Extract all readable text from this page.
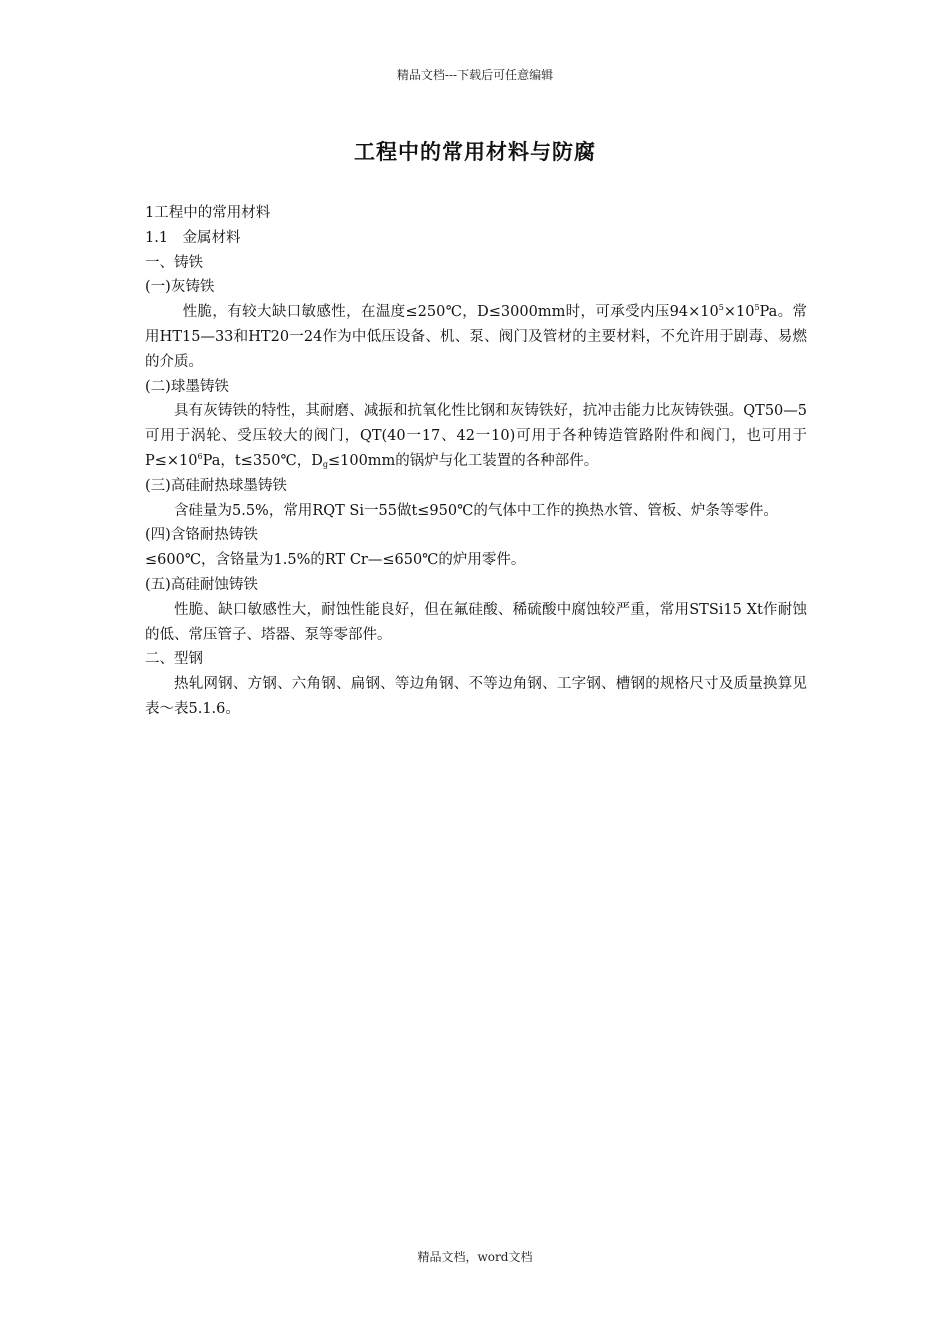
精品文档---下载后可任意编辑
工程中的常用材料与防腐

1工程中的常用材料

1.1　金属材料

一、铸铁

(一)灰铸铁

性脆，有较大缺口敏感性，在温度≤250℃，D≤3000mm时，可承受内压$94\times 10^5\times 10^5Pa$。常用HT15—33和HT20一24作为中低压设备、机、泵、阀门及管材的主要材料，不允许用于剧毒、易燃的介质。

(二)球墨铸铁

具有灰铸铁的特性，其耐磨、减振和抗氧化性比钢和灰铸铁好，抗冲击能力比灰铸铁强。QT50—5可用于涡轮、受压较大的阀门，QT(40一17、42一10)可用于各种铸造管路附件和阀门，也可用于$P\le\times 10^6Pa$，t≤350℃，$D_g\le 100mm$的锅炉与化工装置的各种部件。

(三)高硅耐热球墨铸铁

含硅量为5.5%，常用RQT Si一55做t≤950℃的气体中工作的换热水管、管板、炉条等零件。

(四)含铬耐热铸铁

≤600℃，含铬量为1.5%的RT Cr—≤650℃的炉用零件。

(五)高硅耐蚀铸铁

性脆、缺口敏感性大，耐蚀性能良好，但在氟硅酸、稀硫酸中腐蚀较严重，常用STSi15 Xt作耐蚀的低、常压管子、塔器、泵等零部件。

二、型钢

热轧网钢、方钢、六角钢、扁钢、等边角钢、不等边角钢、工字钢、槽钢的规格尺寸及质量换算见表～表5.1.6。

精品文档，word文档
